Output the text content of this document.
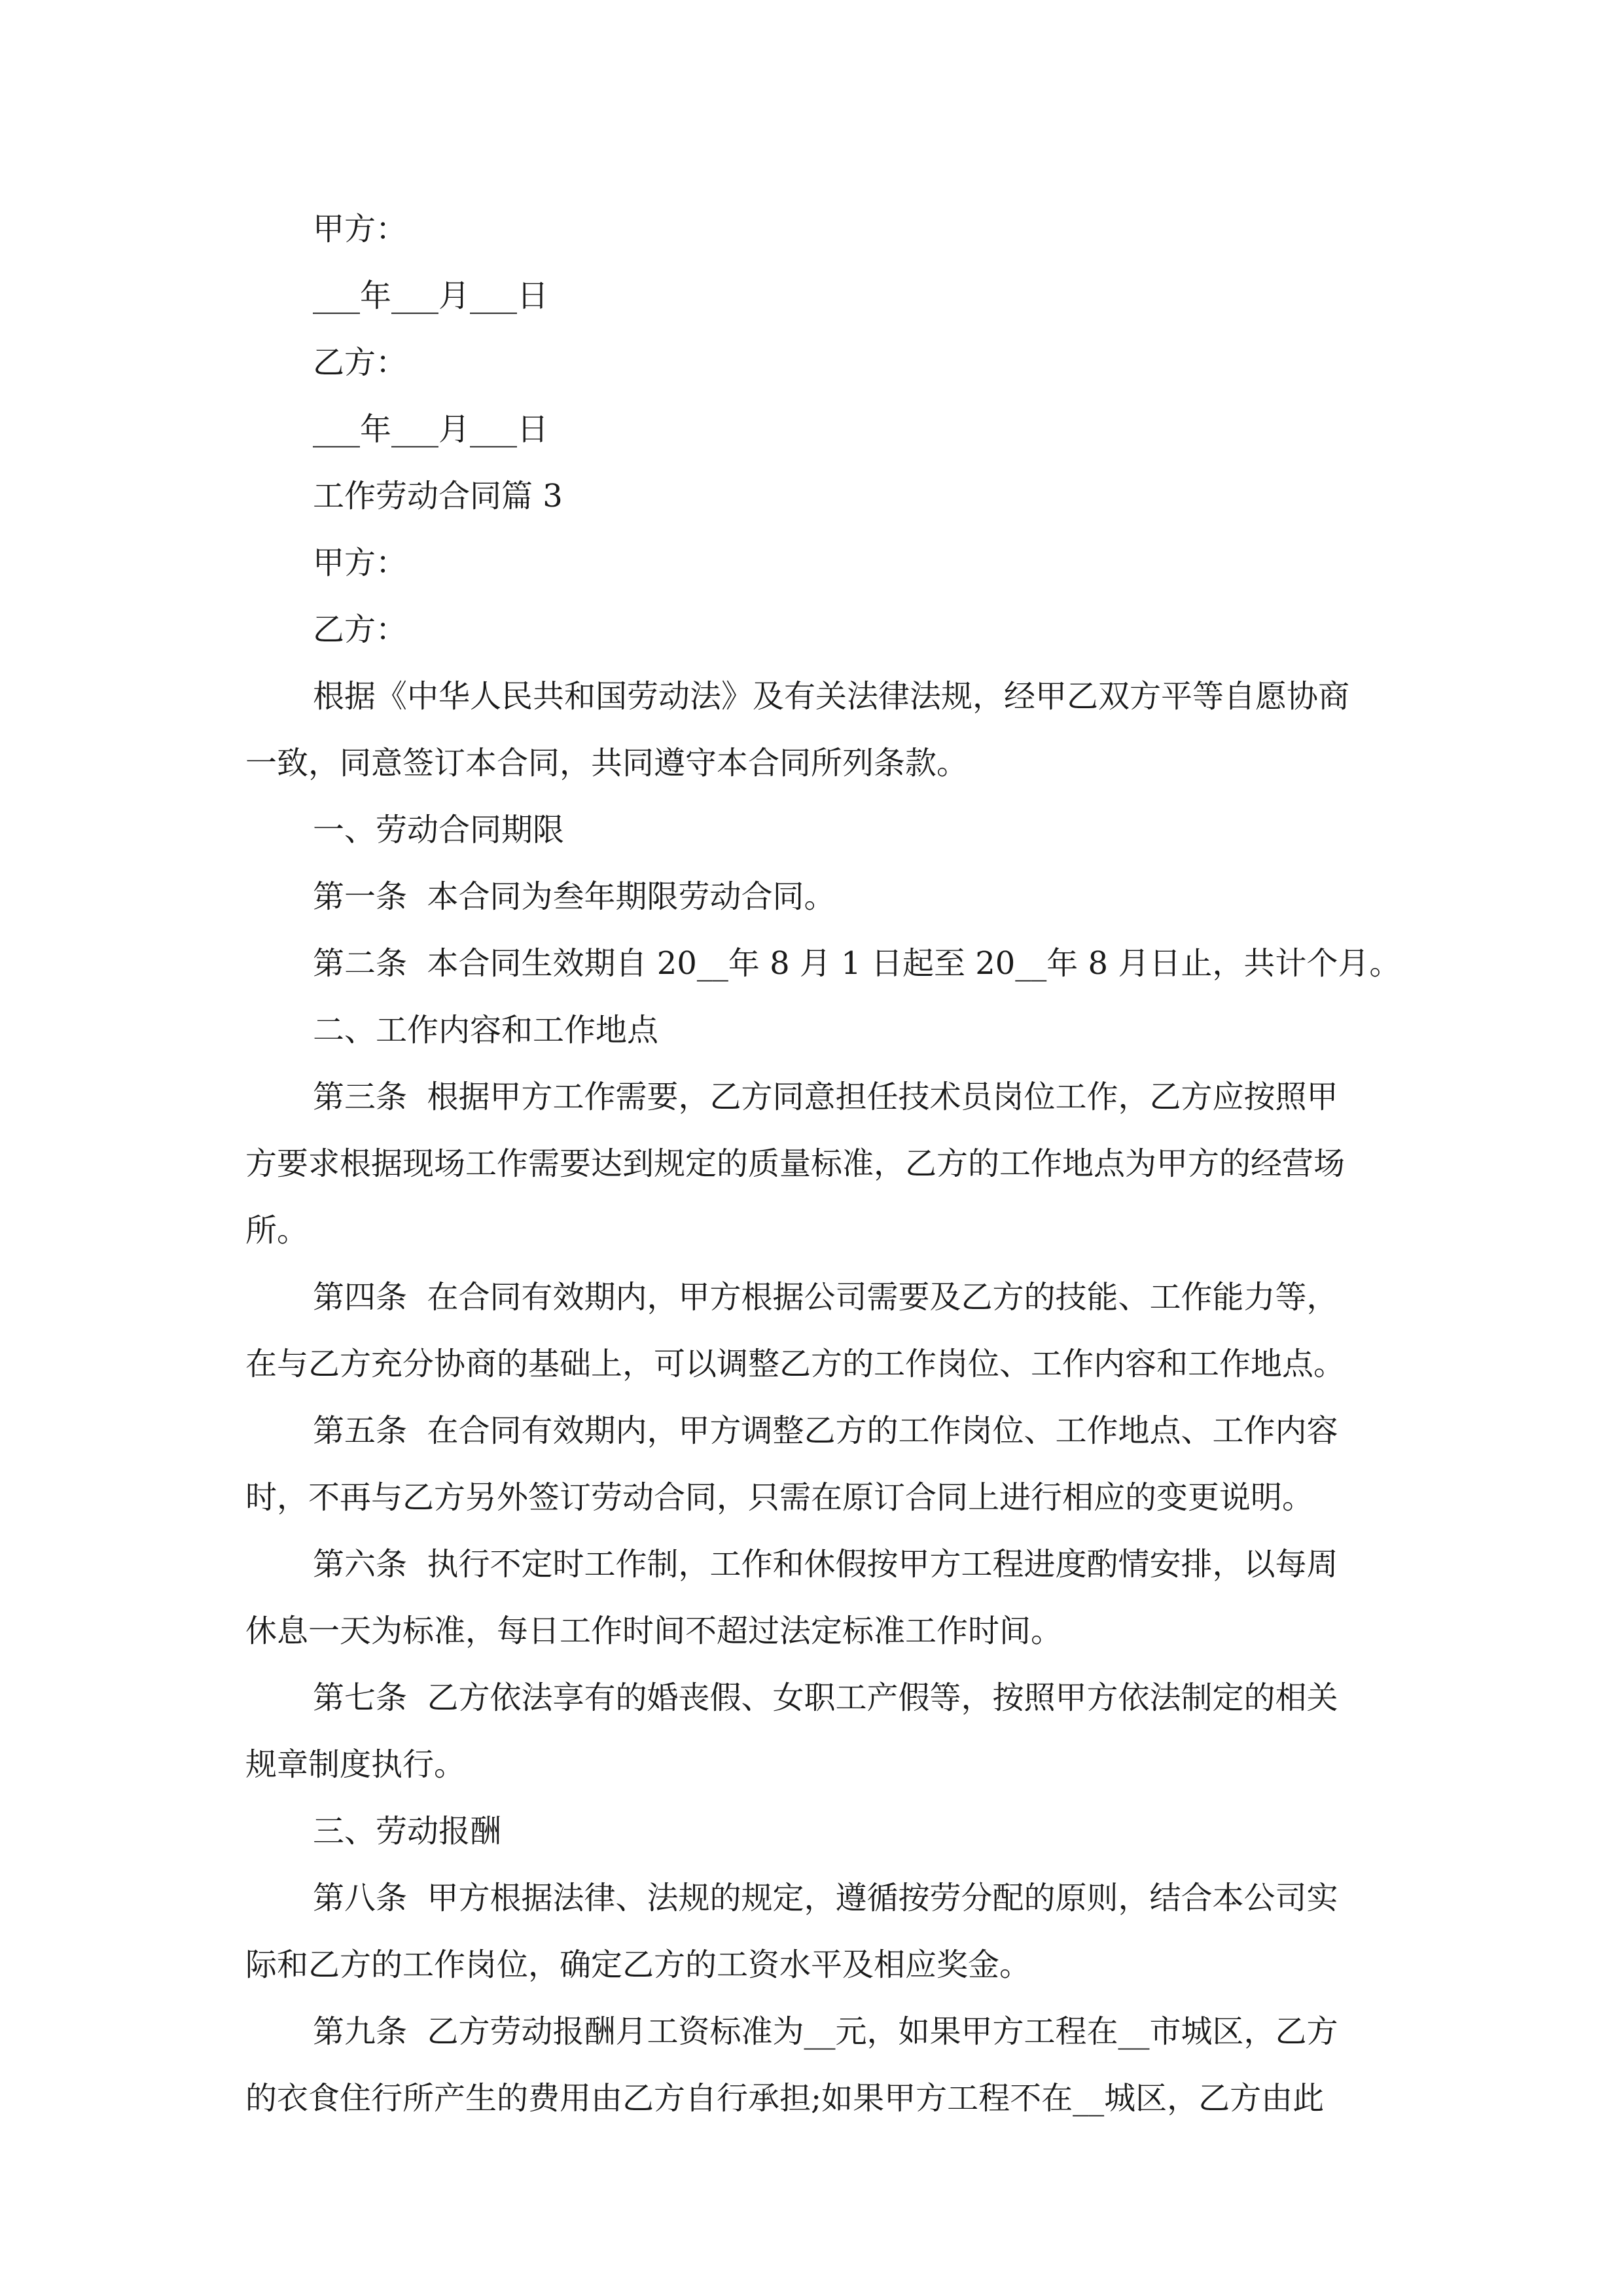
甲方：
___年___月___日
乙方：
___年___月___日
工作劳动合同篇 3
甲方：
乙方：
根据《中华人民共和国劳动法》及有关法律法规，经甲乙双方平等自愿协商
一致，同意签订本合同，共同遵守本合同所列条款。
一、劳动合同期限
第一条  本合同为叁年期限劳动合同。
第二条  本合同生效期自 20__年 8 月 1 日起至 20__年 8 月日止，共计个月。
二、工作内容和工作地点
第三条  根据甲方工作需要，乙方同意担任技术员岗位工作，乙方应按照甲
方要求根据现场工作需要达到规定的质量标准，乙方的工作地点为甲方的经营场
所。
第四条  在合同有效期内，甲方根据公司需要及乙方的技能、工作能力等，
在与乙方充分协商的基础上，可以调整乙方的工作岗位、工作内容和工作地点。
第五条  在合同有效期内，甲方调整乙方的工作岗位、工作地点、工作内容
时，不再与乙方另外签订劳动合同，只需在原订合同上进行相应的变更说明。
第六条  执行不定时工作制，工作和休假按甲方工程进度酌情安排，以每周
休息一天为标准，每日工作时间不超过法定标准工作时间。
第七条  乙方依法享有的婚丧假、女职工产假等，按照甲方依法制定的相关
规章制度执行。
三、劳动报酬
第八条  甲方根据法律、法规的规定，遵循按劳分配的原则，结合本公司实
际和乙方的工作岗位，确定乙方的工资水平及相应奖金。
第九条  乙方劳动报酬月工资标准为__元，如果甲方工程在__市城区，乙方
的衣食住行所产生的费用由乙方自行承担;如果甲方工程不在__城区，乙方由此
